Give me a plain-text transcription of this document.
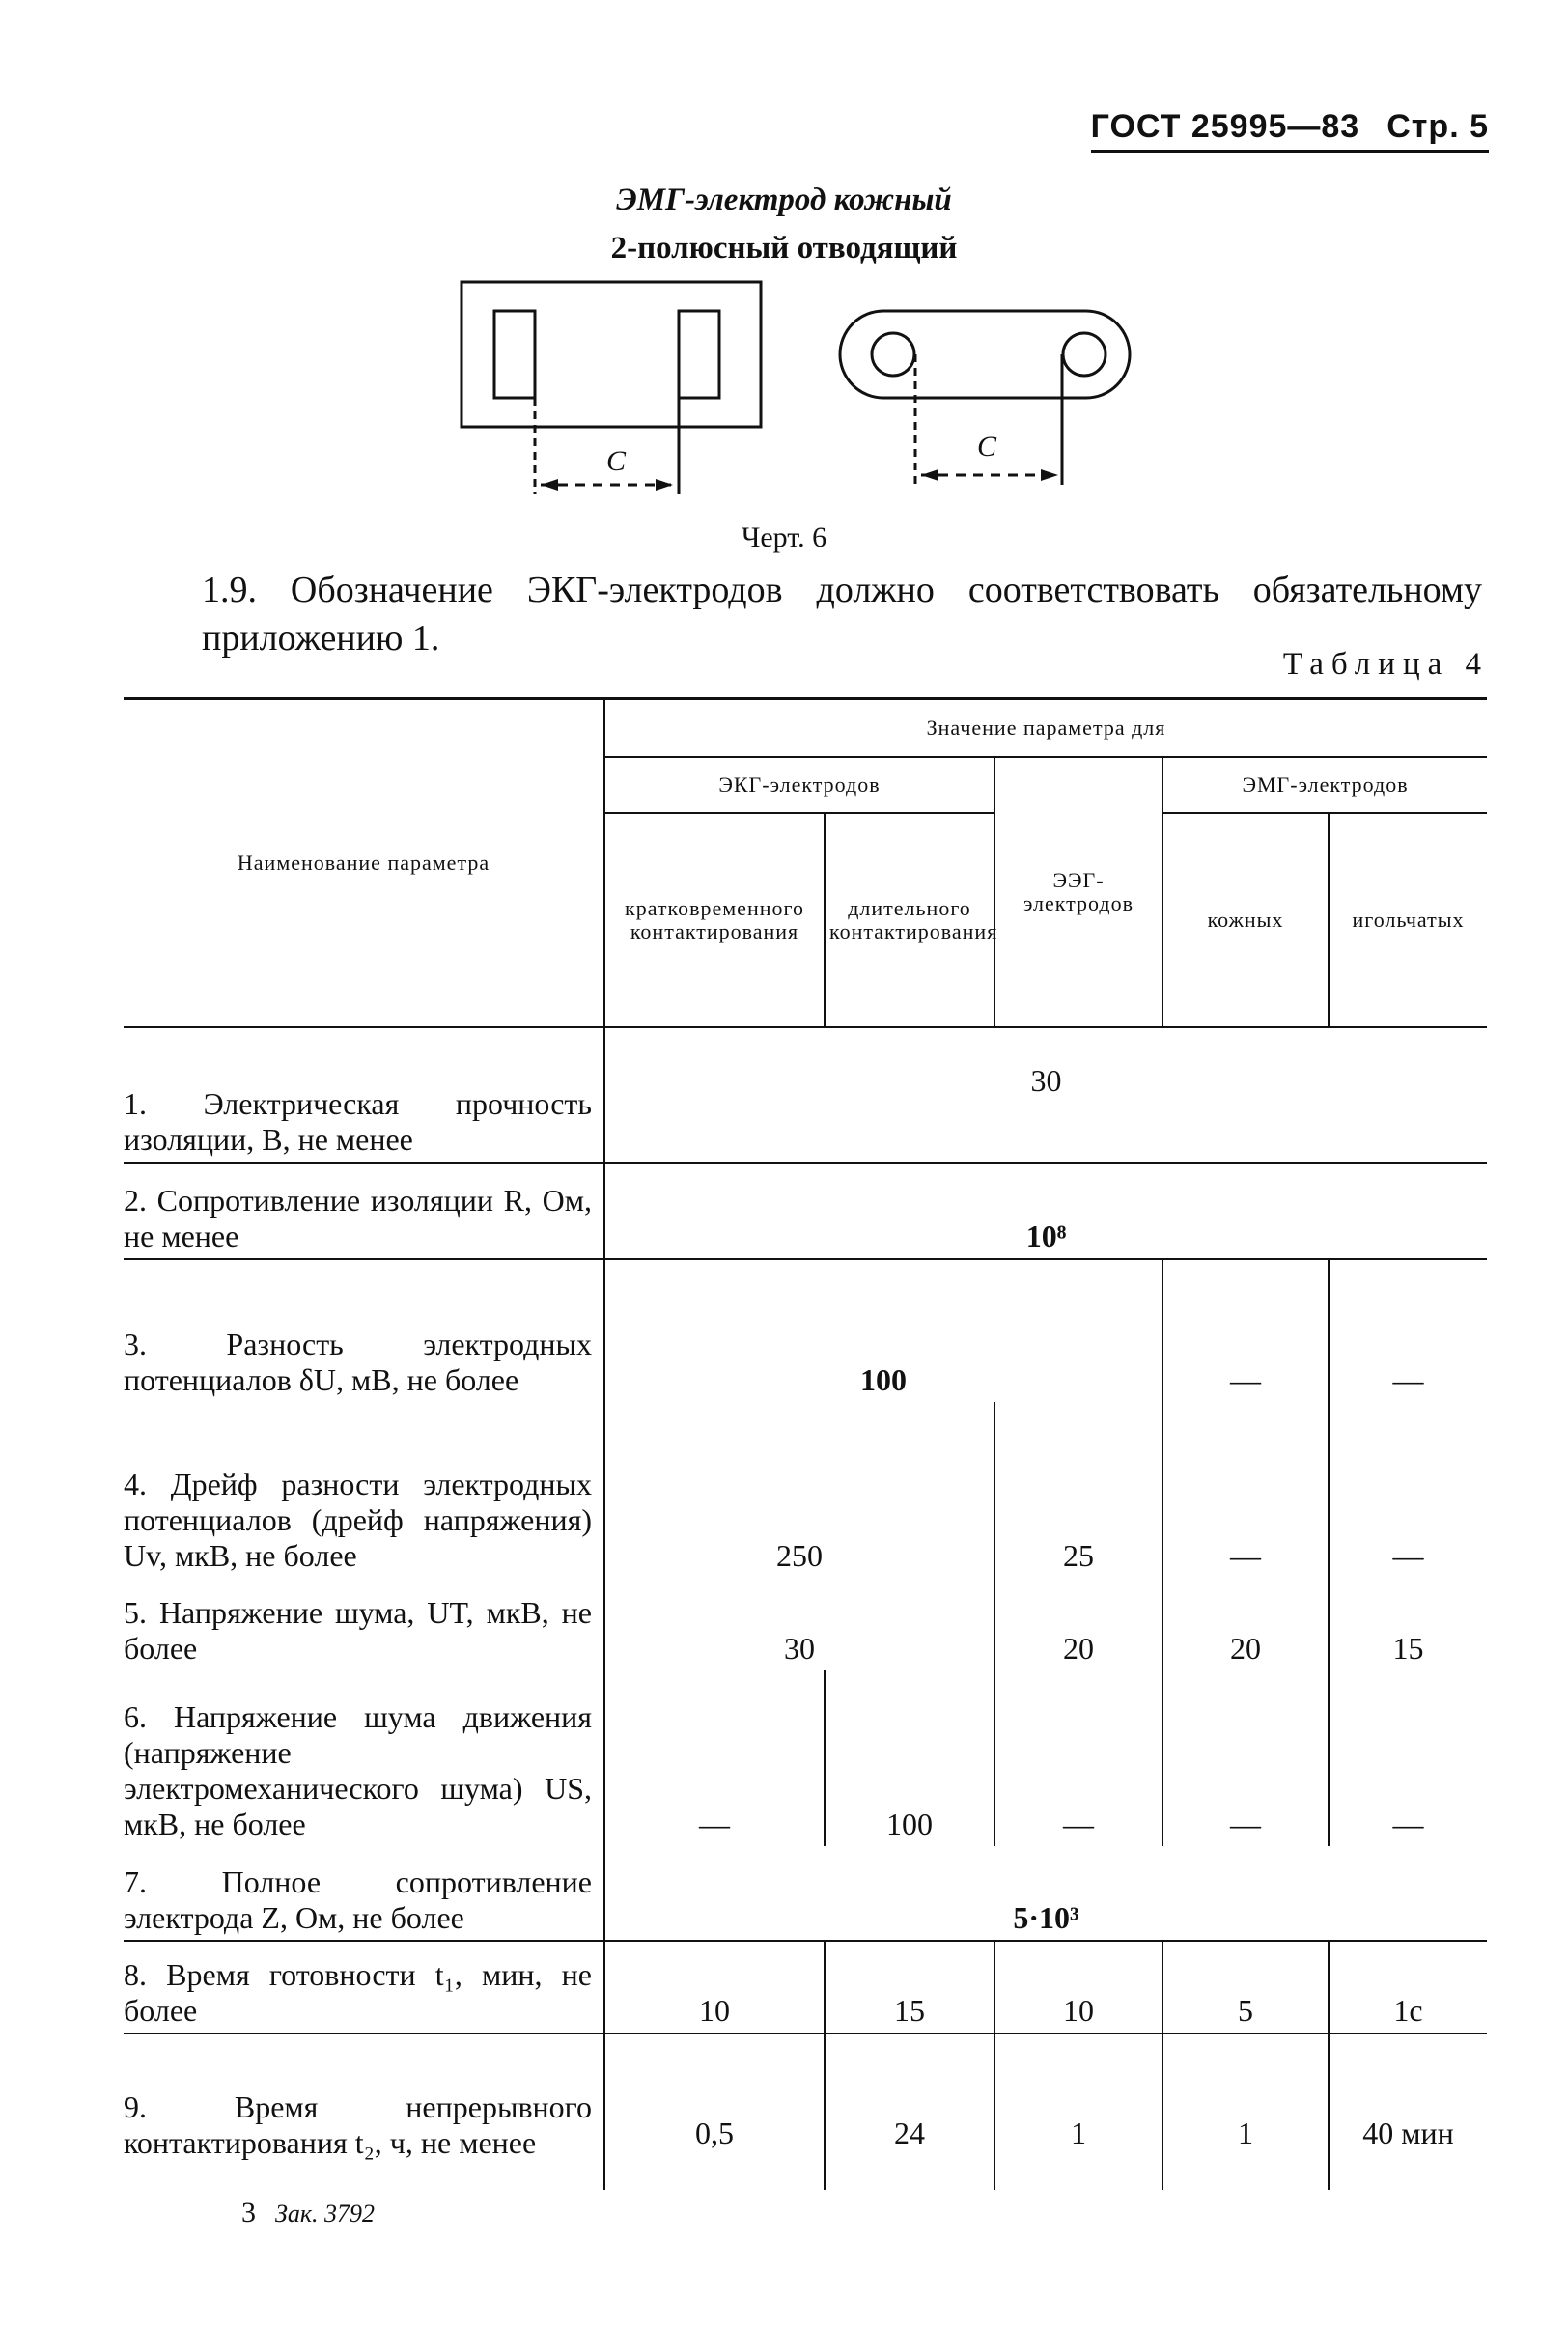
ГОСТ 25995—83 Стр. 5
ЭМГ-электрод кожный
2-полюсный отводящий
C	C
Черт. 6
1.9. Обозначение ЭКГ-электродов должно соответствовать обязательному приложению 1.
Таблица 4
Наименование параметра	Значение параметра для				
	ЭКГ-электродов		ЭЭГ-электродов	ЭМГ-электродов	
	кратковременного контактирования	длительного контактирования		кожных	игольчатых
1. Электрическая прочность изоляции, В, не менее	30				
2. Сопротивление изоляции R, Ом, не менее	10⁸				
3. Разность электродных потенциалов δU, мВ, не более	100			—	—
4. Дрейф разности электродных потенциалов (дрейф напряжения) Uv, мкВ, не более	250		25	—	—
5. Напряжение шума, UT, мкВ, не более	30		20	20	15
6. Напряжение шума движения (напряжение электромеханического шума) US, мкВ, не более	—	100	—	—	—
7. Полное сопротивление электрода Z, Ом, не более	5·10³				
8. Время готовности t₁, мин, не более	10	15	10	5	1с
9. Время непрерывного контактирования t₂, ч, не менее	0,5	24	1	1	40 мин
3 Зак. 3792
